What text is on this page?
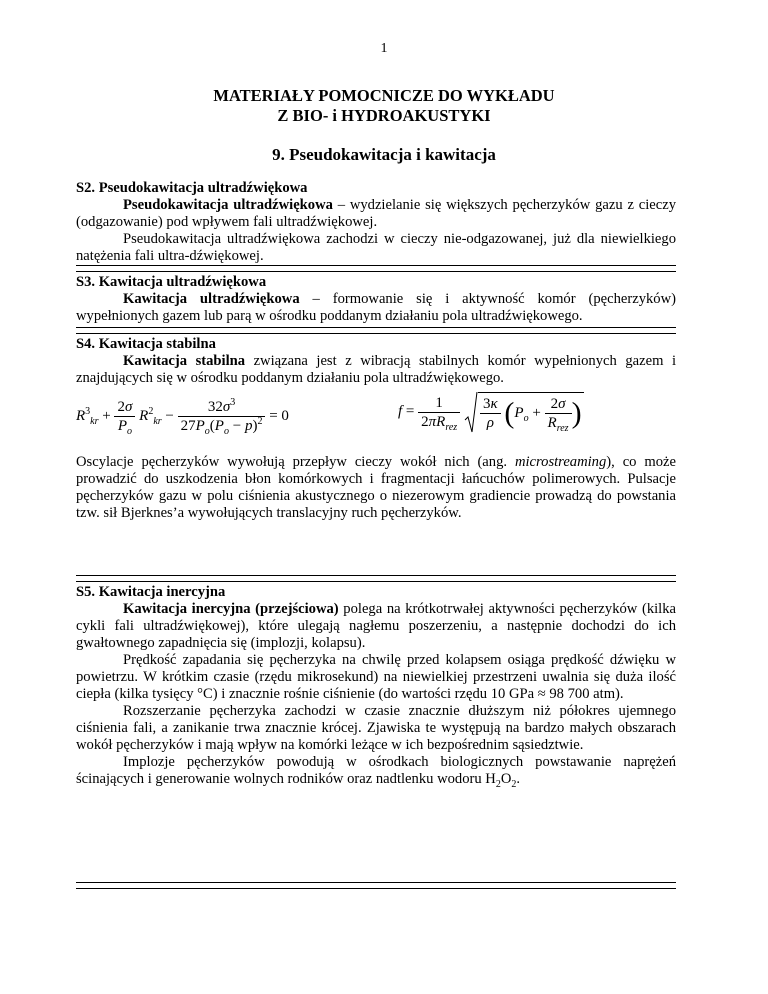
1
MATERIAŁY POMOCNICZE DO WYKŁADU
Z BIO- i HYDROAKUSTYKI
9. Pseudokawitacja i kawitacja
S2. Pseudokawitacja ultradźwiękowa

Pseudokawitacja ultradźwiękowa – wydzielanie się większych pęcherzyków gazu z cieczy (odgazowanie) pod wpływem fali ultradźwiękowej.

Pseudokawitacja ultradźwiękowa zachodzi w cieczy nie-odgazowanej, już dla niewielkiego natężenia fali ultra-dźwiękowej.

S3. Kawitacja ultradźwiękowa

Kawitacja ultradźwiękowa – formowanie się i aktywność komór (pęcherzyków) wypełnionych gazem lub parą w ośrodku poddanym działaniu pola ultradźwiękowego.

S4. Kawitacja stabilna

Kawitacja stabilna związana jest z wibracją stabilnych komór wypełnionych gazem i znajdujących się w ośrodku poddanym działaniu pola ultradźwiękowego.

$R^3_{kr} + \frac{2\sigma}{P_o} R^2_{kr} - \frac{32\sigma^3}{27P_o(P_o - p)^2} = 0$	$f = \frac{1}{2\pi R_{rez}}$
$\frac{3\kappa}{\rho} (P_o + \frac{2\sigma}{R_{rez}}$ )

Oscylacje pęcherzyków wywołują przepływ cieczy wokół nich (ang. microstreaming), co może prowadzić do uszkodzenia błon komórkowych i fragmentacji łańcuchów polimerowych. Pulsacje pęcherzyków gazu w polu ciśnienia akustycznego o niezerowym gradiencie prowadzą do powstania tzw. sił Bjerknes’a wywołujących translacyjny ruch pęcherzyków.

S5. Kawitacja inercyjna

Kawitacja inercyjna (przejściowa) polega na krótkotrwałej aktywności pęcherzyków (kilka cykli fali ultradźwiękowej), które ulegają nagłemu poszerzeniu, a następnie dochodzi do ich gwałtownego zapadnięcia się (implozji, kolapsu).

Prędkość zapadania się pęcherzyka na chwilę przed kolapsem osiąga prędkość dźwięku w powietrzu. W krótkim czasie (rzędu mikrosekund) na niewielkiej przestrzeni uwalnia się duża ilość ciepła (kilka tysięcy °C) i znacznie rośnie ciśnienie (do wartości rzędu 10 GPa ≈ 98 700 atm).

Rozszerzanie pęcherzyka zachodzi w czasie znacznie dłuższym niż półokres ujemnego ciśnienia fali, a zanikanie trwa znacznie krócej. Zjawiska te występują na bardzo małych obszarach wokół pęcherzyków i mają wpływ na komórki leżące w ich bezpośrednim sąsiedztwie.

Implozje pęcherzyków powodują w ośrodkach biologicznych powstawanie naprężeń ścinających i generowanie wolnych rodników oraz nadtlenku wodoru $H_2O_2$.
